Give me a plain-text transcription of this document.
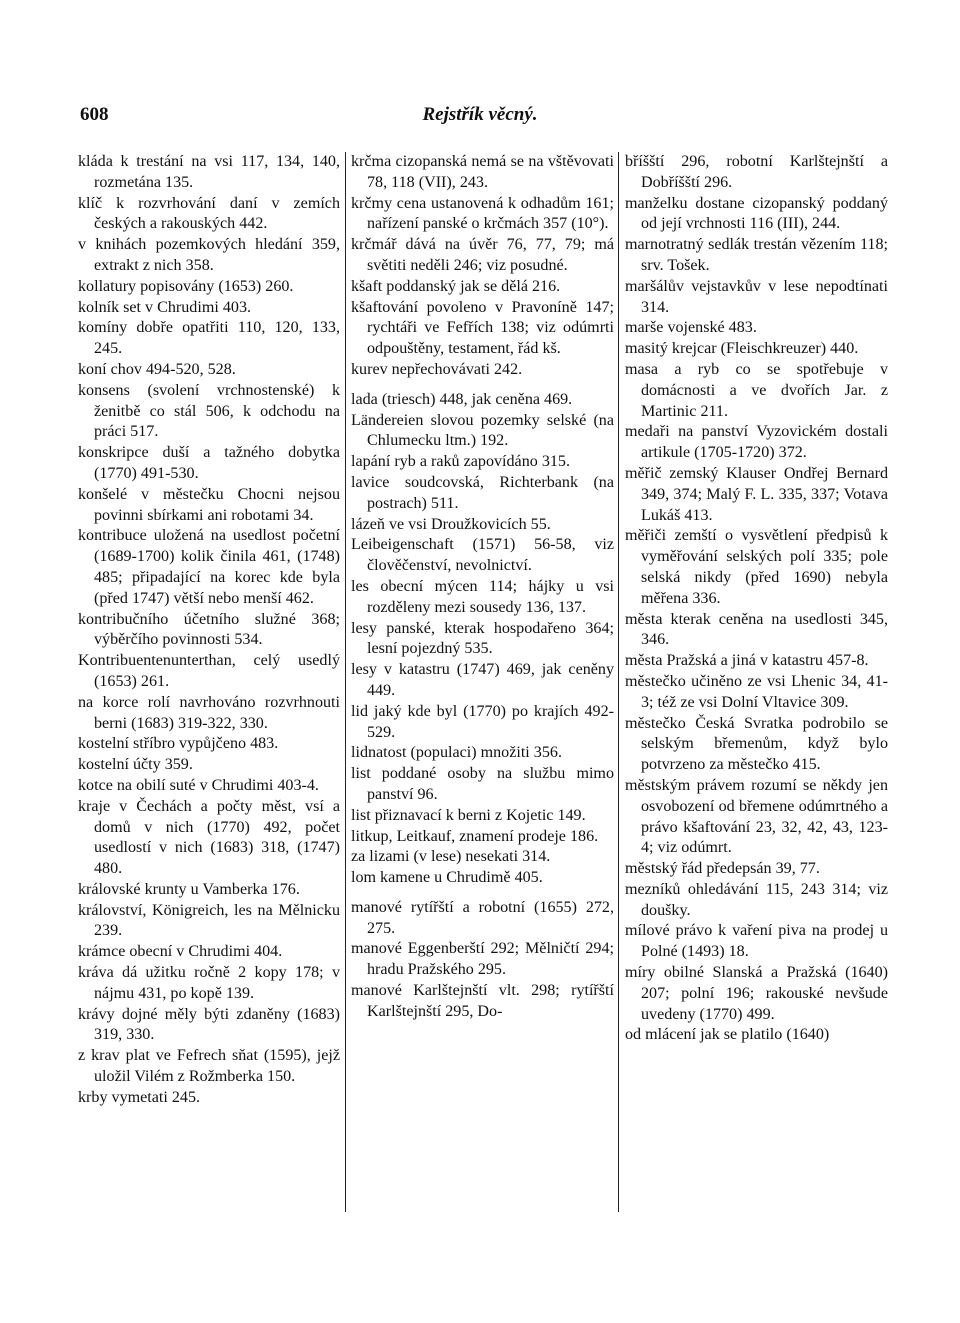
608	Rejstřík věcný.

kláda k trestání na vsi 117, 134, 140, rozmetána 135.

klíč k rozvrhování daní v zemích českých a rakouských 442.

v knihách pozemkových hledání 359, extrakt z nich 358.

kollatury popisovány (1653) 260.

kolník set v Chrudimi 403.

komíny dobře opatřiti 110, 120, 133, 245.

koní chov 494-520, 528.

konsens (svolení vrchnostenské) k ženitbě co stál 506, k odchodu na práci 517.

konskripce duší a tažného dobytka (1770) 491-530.

konšelé v městečku Chocni nejsou povinni sbírkami ani robotami 34.

kontribuce uložená na usedlost početní (1689-1700) kolik činila 461, (1748) 485; připadající na korec kde byla (před 1747) větší nebo menší 462.

kontribučního účetního služné 368; výběrčího povinnosti 534.

Kontribuentenunterthan, celý usedlý (1653) 261.

na korce rolí navrhováno rozvrhnouti berni (1683) 319-322, 330.

kostelní stříbro vypůjčeno 483.

kostelní účty 359.

kotce na obilí suté v Chrudimi 403-4.

kraje v Čechách a počty měst, vsí a domů v nich (1770) 492, počet usedlostí v nich (1683) 318, (1747) 480.

královské krunty u Vamberka 176.

království, Königreich, les na Mělnicku 239.

krámce obecní v Chrudimi 404.

kráva dá užitku ročně 2 kopy 178; v nájmu 431, po kopě 139.

krávy dojné měly býti zdaněny (1683) 319, 330.

z krav plat ve Fefrech sňat (1595), jejž uložil Vilém z Rožmberka 150.

krby vymetati 245.

krčma cizopanská nemá se na vštěvovati 78, 118 (VII), 243.

krčmy cena ustanovená k odhadům 161; nařízení panské o krčmách 357 (10°).

krčmář dává na úvěr 76, 77, 79; má světiti neděli 246; viz posudné.

kšaft poddanský jak se dělá 216.

kšaftování povoleno v Pravoníně 147; rychtáři ve Fefřích 138; viz odúmrti odpouštěny, testament, řád kš.

kurev nepřechovávati 242.

lada (triesch) 448, jak ceněna 469.

Ländereien slovou pozemky selské (na Chlumecku ltm.) 192.

lapání ryb a raků zapovídáno 315.

lavice soudcovská, Richterbank (na postrach) 511.

lázeň ve vsi Droužkovicích 55.

Leibeigenschaft (1571) 56-58, viz člověčenství, nevolnictví.

les obecní mýcen 114; hájky u vsi rozděleny mezi sousedy 136, 137.

lesy panské, kterak hospodařeno 364; lesní pojezdný 535.

lesy v katastru (1747) 469, jak ceněny 449.

lid jaký kde byl (1770) po krajích 492-529.

lidnatost (populaci) množiti 356.

list poddané osoby na službu mimo panství 96.

list přiznavací k berni z Kojetic 149.

litkup, Leitkauf, znamení prodeje 186.

za lizami (v lese) nesekati 314.

lom kamene u Chrudimě 405.

manové rytířští a robotní (1655) 272, 275.

manové Eggenberští 292; Mělničtí 294; hradu Pražského 295.

manové Karlštejnští vlt. 298; rytířští Karlštejnští 295, Do-

bříšští 296, robotní Karlštejnští a Dobříšští 296.

manželku dostane cizopanský poddaný od její vrchnosti 116 (III), 244.

marnotratný sedlák trestán vězením 118; srv. Tošek.

maršálův vejstavkův v lese nepodtínati 314.

marše vojenské 483.

masitý krejcar (Fleischkreuzer) 440.

masa a ryb co se spotřebuje v domácnosti a ve dvořích Jar. z Martinic 211.

medaři na panství Vyzovickém dostali artikule (1705-1720) 372.

měřič zemský Klauser Ondřej Bernard 349, 374; Malý F. L. 335, 337; Votava Lukáš 413.

měřiči zemští o vysvětlení předpisů k vyměřování selských polí 335; pole selská nikdy (před 1690) nebyla měřena 336.

města kterak ceněna na usedlosti 345, 346.

města Pražská a jiná v katastru 457-8.

městečko učiněno ze vsi Lhenic 34, 41-3; též ze vsi Dolní Vltavice 309.

městečko Česká Svratka podrobilo se selským břemenům, když bylo potvrzeno za městečko 415.

městským právem rozumí se někdy jen osvobození od břemene odúmrtného a právo kšaftování 23, 32, 42, 43, 123-4; viz odúmrt.

městský řád předepsán 39, 77.

mezníků ohledávání 115, 243 314; viz doušky.

mílové právo k vaření piva na prodej u Polné (1493) 18.

míry obilné Slanská a Pražská (1640) 207; polní 196; rakouské nevšude uvedeny (1770) 499.

od mlácení jak se platilo (1640)
